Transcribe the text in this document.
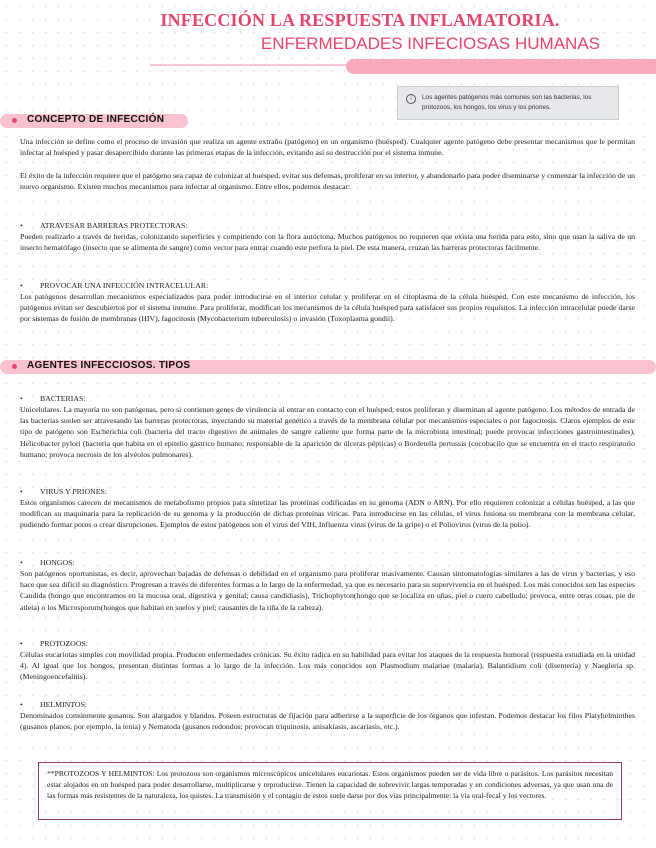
INFECCIÓN LA RESPUESTA INFLAMATORIA.
ENFERMEDADES INFECIOSAS HUMANAS
i	Los agentes patógenos más comunes son las bacterias, los protozoos, los hongos, los virus y los priones.
CONCEPTO DE INFECCIÓN
Una infección se define como el proceso de invasión que realiza un agente extraño (patógeno) en un organismo (huésped). Cualquier agente patógeno debe presentar mecanismos que le permitan infectar al huésped y pasar desapercibido durante las primeras etapas de la infección, evitando así su destrucción por el sistema inmune.
El éxito de la infección requiere que el patógeno sea capaz de colonizar al huésped, evitar sus defensas, proliferar en su interior, y abandonarlo para poder diseminarse y comenzar la infección de un nuevo organismo. Existen muchos mecanismos para infectar al organismo. Entre ellos, podemos destacar:
• ATRAVESAR BARRERAS PROTECTORAS:
Pueden realizarlo a través de heridas, colonizando superficies y compitiendo con la flora autóctona. Muchos patógenos no requieren que exista una herida para esto, sino que usan la saliva de un insecto hematófago (insecto que se alimenta de sangre) como vector para entrar cuando este perfora la piel. De esta manera, cruzan las barreras protectoras fácilmente.
• PROVOCAR UNA INFECCIÓN INTRACELULAR:
Los patógenos desarrollan mecanismos especializados para poder introducirse en el interior celular y proliferar en el citoplasma de la célula huésped. Con este mecanismo de infección, los patógenos evitan ser descubiertos por el sistema inmune. Para proliferar, modifican los mecanismos de la célula huésped para satisfacer sus propios requisitos. La infección intracelular puede darse por sistemas de fusión de membranas (HIV), fagocitosis (Mycobacterium tuberculosis) o invasión (Toxoplasma gondii).
AGENTES INFECCIOSOS. TIPOS
• BACTERIAS:
Unicelulares. La mayoría no son patógenas, pero si contienen genes de virulencia al entrar en contacto con el huésped, estos proliferan y diseminan al agente patógeno. Los métodos de entrada de las bacterias suelen ser atravesando las barreras protectoras, inyectando su material genético a través de la membrana celular por mecanismos especiales o por fagocitosis. Claros ejemplos de este tipo de patógeno son Escherichia coli (bacteria del tracto digestivo de animales de sangre caliente que forma parte de la microbiota intestinal; puede provocar infecciones gastrointestinales), Helicobacter pylori (bacteria que habita en el epitelio gástrico humano; responsable de la aparición de úlceras pépticas) o Bordetella pertussis (cocobacilo que se encuentra en el tracto respiratorio humano; provoca necrosis de los alvéolos pulmonares).
• VIRUS Y PRIONES:
Estos organismos carecen de mecanismos de metabolismo propios para sintetizar las proteínas codificadas en su genoma (ADN o ARN). Por ello requieren colonizar a células huésped, a las que modifican su maquinaria para la replicación de su genoma y la producción de dichas proteínas víricas. Para introducirse en las células, el virus fusiona su membrana con la membrana celular, pudiendo formar poros o crear disrupciones. Ejemplos de estos patógenos son el virus del VIH, Influenza virus (virus de la gripe) o el Poliovirus (virus de la polio).
• HONGOS:
Son patógenos oportunistas, es decir, aprovechan bajadas de defensas o debilidad en el organismo para proliferar masivamente. Causan sintomatologías similares a las de virus y bacterias, y eso hace que sea difícil su diagnóstico. Progresan a través de diferentes formas a lo largo de la enfermedad, ya que es necesario para su supervivencia en el huésped. Los más conocidos son las especies Candida (hongo que encontramos en la mucosa oral, digestiva y genital; causa candidiasis), Trichophyton(hongo que se localiza en uñas, piel o cuero cabelludo; provoca, entre otras cosas, pie de atleta) o los Microsporum(hongos que habitan en suelos y piel; causantes de la tiña de la cabeza).
• PROTOZOOS:
Células eucariotas simples con movilidad propia. Producen enfermedades crónicas. Su éxito radica en su habilidad para evitar los ataques de la respuesta humoral (respuesta estudiada en la unidad 4). Al igual que los hongos, presentan distintas formas a lo largo de la infección. Los más conocidos son Plasmodium malariae (malaria), Balantidium coli (disentería) y Naegleria sp. (Meningoencefalitis).
• HELMINTOS:
Denominados comúnmente gusanos. Son alargados y blandos. Poseen estructuras de fijación para adherirse a la superficie de los órganos que infestan. Podemos destacar los filos Platyhelminthes (gusanos planos, por ejemplo, la tenia) y Nematoda (gusanos redondos; provocan triquinosis, anisakiasis, ascariasis, etc.).
**PROTOZOOS Y HELMINTOS: Los protozoos son organismos microscópicos unicelulares eucariotas. Estos organismos pueden ser de vida libre o parásitos. Los parásitos necesitan estar alojados en un huésped para poder desarrollarse, multiplicarse y reproducirse. Tienen la capacidad de sobrevivir largas temporadas y en condiciones adversas, ya que usan una de las formas más resistentes de la naturaleza, los quistes. La transmisión y el contagio de estos suele darse por dos vías principalmente: la vía oral-fecal y los vectores.
